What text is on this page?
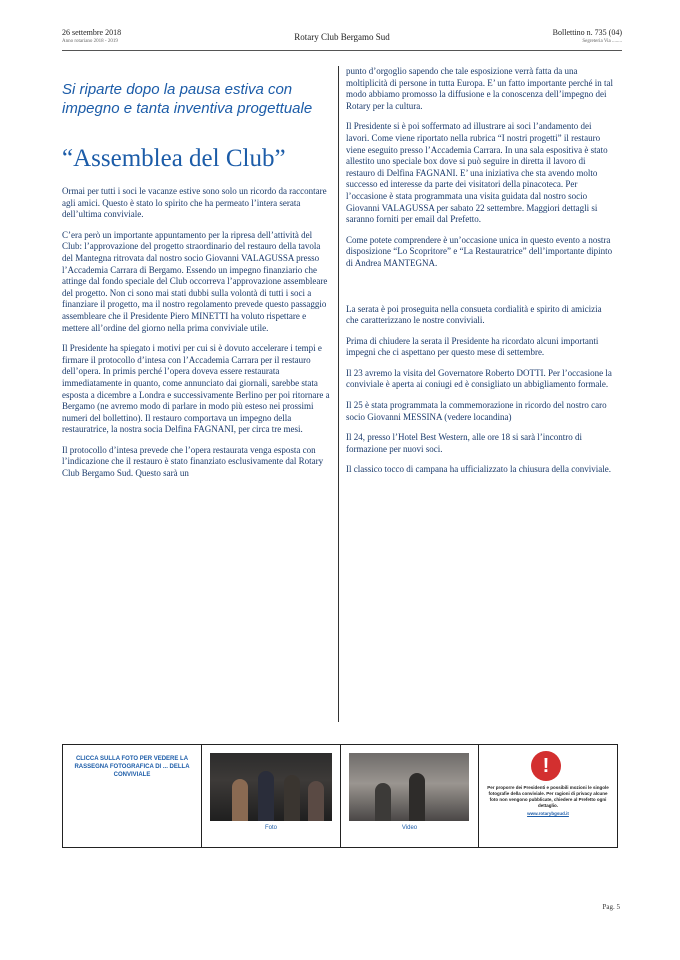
26 settembre 2018
Anno rotariano 2018 - 2019	Rotary Club Bergamo Sud	Bollettino n. 735 (04)
Segreteria Via ........
Si riparte dopo la pausa estiva con impegno e tanta inventiva progettuale
“Assemblea del Club”

Ormai per tutti i soci le vacanze estive sono solo un ricordo da raccontare agli amici. Questo è stato lo spirito che ha permeato l’intera serata dell’ultima conviviale.

C’era però un importante appuntamento per la ripresa dell’attività del Club: l’approvazione del progetto straordinario del restauro della tavola del Mantegna ritrovata dal nostro socio Giovanni VALAGUSSA presso l’Accademia Carrara di Bergamo. Essendo un impegno finanziario che attinge dal fondo speciale del Club occorreva l’approvazione assembleare del progetto. Non ci sono mai stati dubbi sulla volontà di tutti i soci a finanziare il progetto, ma il nostro regolamento prevede questo passaggio assembleare che il Presidente Piero MINETTI ha voluto rispettare e mettere all’ordine del giorno nella prima conviviale utile.

Il Presidente ha spiegato i motivi per cui si è dovuto accelerare i tempi e firmare il protocollo d’intesa con l’Accademia Carrara per il restauro dell’opera. In primis perché l’opera doveva essere restaurata immediatamente in quanto, come annunciato dai giornali, sarebbe stata esposta a dicembre a Londra e successivamente Berlino per poi ritornare a Bergamo (ne avremo modo di parlare in modo più esteso nei prossimi numeri del bollettino). Il restauro comportava un impegno della restauratrice, la nostra socia Delfina FAGNANI, per circa tre mesi.

Il protocollo d’intesa prevede che l’opera restaurata venga esposta con l’indicazione che il restauro è stato finanziato esclusivamente dal Rotary Club Bergamo Sud. Questo sarà un

punto d’orgoglio sapendo che tale esposizione verrà fatta da una moltiplicità di persone in tutta Europa. E’ un fatto importante perché in tal modo abbiamo promosso la diffusione e la conoscenza dell’impegno dei Rotary per la cultura.

Il Presidente si è poi soffermato ad illustrare ai soci l’andamento dei lavori. Come viene riportato nella rubrica “I nostri progetti” il restauro viene eseguito presso l’Accademia Carrara. In una sala espositiva è stato allestito uno speciale box dove si può seguire in diretta il lavoro di restauro di Delfina FAGNANI. E’ una iniziativa che sta avendo molto successo ed interesse da parte dei visitatori della pinacoteca. Per l’occasione è stata programmata una visita guidata dal nostro socio Giovanni VALAGUSSA per sabato 22 settembre. Maggiori dettagli si saranno forniti per email dal Prefetto.

Come potete comprendere è un’occasione unica in questo evento a nostra disposizione “Lo Scopritore” e “La Restauratrice” dell’importante dipinto di Andrea MANTEGNA.

La serata è poi proseguita nella consueta cordialità e spirito di amicizia che caratterizzano le nostre conviviali.

Prima di chiudere la serata il Presidente ha ricordato alcuni importanti impegni che ci aspettano per questo mese di settembre.

Il 23 avremo la visita del Governatore Roberto DOTTI. Per l’occasione la conviviale è aperta ai coniugi ed è consigliato un abbigliamento formale.

Il 25 è stata programmata la commemorazione in ricordo del nostro caro socio Giovanni MESSINA (vedere locandina)

Il 24, presso l’Hotel Best Western, alle ore 18 si sarà l’incontro di formazione per nuovi soci.

Il classico tocco di campana ha ufficializzato la chiusura della conviviale.

CLICCA SULLA FOTO PER VEDERE LA RASSEGNA FOTOGRAFICA DI ... DELLA CONVIVIALE
Foto	Video
!
Per proporre dei Presidenti e possibili mozioni le singole fotografie della conviviale. Per ragioni di privacy alcune foto non vengono pubblicate, chiedere al Prefetto ogni dettaglio.
www.rotarybgsud.it
Pag. 5
